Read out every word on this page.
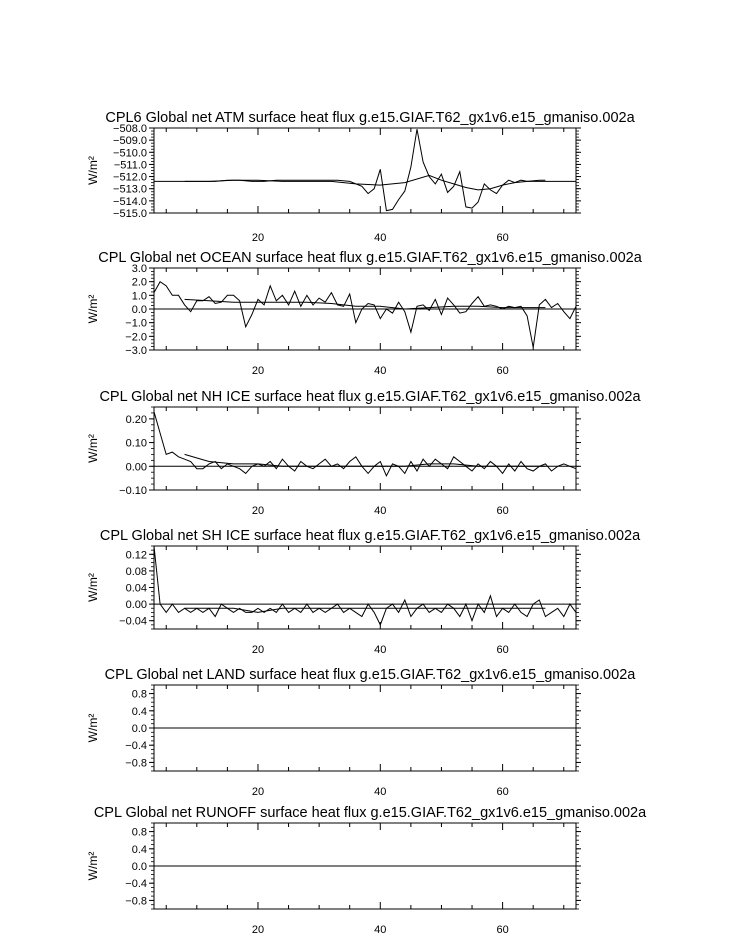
CPL6 Global net ATM surface heat flux g.e15.GIAF.T62_gx1v6.e15_gmaniso.002a
W/m²
20	40	60
−508.0
−509.0
−510.0
−511.0
−512.0
−513.0
−514.0
−515.0
CPL Global net OCEAN surface heat flux g.e15.GIAF.T62_gx1v6.e15_gmaniso.002a
W/m²
20	40	60
3.0
2.0
1.0
0.0
−1.0
−2.0
−3.0
CPL Global net NH ICE surface heat flux g.e15.GIAF.T62_gx1v6.e15_gmaniso.002a
W/m²
20	40	60
0.20
0.10
0.00
−0.10
CPL Global net SH ICE surface heat flux g.e15.GIAF.T62_gx1v6.e15_gmaniso.002a
W/m²
20	40	60
0.12
0.08
0.04
0.00
−0.04
CPL Global net LAND surface heat flux g.e15.GIAF.T62_gx1v6.e15_gmaniso.002a
W/m²
20	40	60
0.8
0.4
0.0
−0.4
−0.8
CPL Global net RUNOFF surface heat flux g.e15.GIAF.T62_gx1v6.e15_gmaniso.002a
W/m²
20	40	60
0.8
0.4
0.0
−0.4
−0.8
